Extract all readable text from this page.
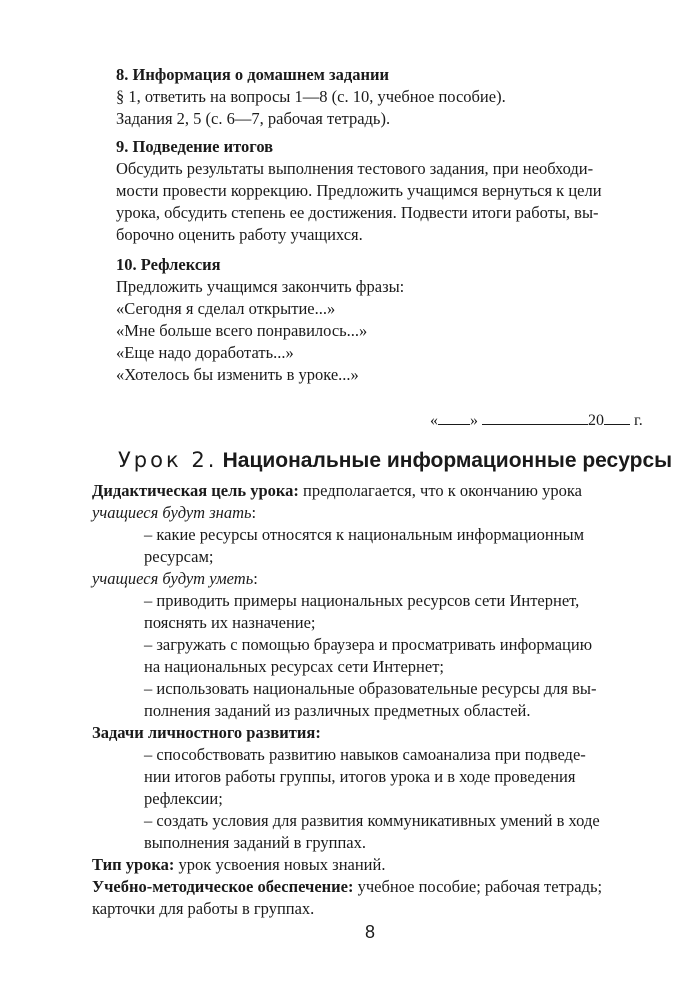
8. Информация о домашнем задании
§ 1, ответить на вопросы 1—8 (с. 10, учебное пособие).
Задания 2, 5 (с. 6—7, рабочая тетрадь).
9. Подведение итогов
Обсудить результаты выполнения тестового задания, при необходи-
мости провести коррекцию. Предложить учащимся вернуться к цели
урока, обсудить степень ее достижения. Подвести итоги работы, вы-
борочно оценить работу учащихся.
10. Рефлексия
Предложить учащимся закончить фразы:
«Сегодня я сделал открытие...»
«Мне больше всего понравилось...»
«Еще надо доработать...»
«Хотелось бы изменить в уроке...»
« »	20 г.
Урок 2. Национальные информационные ресурсы
Дидактическая цель урока: предполагается, что к окончанию урока
учащиеся будут знать:
– какие ресурсы относятся к национальным информационным
ресурсам;
учащиеся будут уметь:
– приводить примеры национальных ресурсов сети Интернет,
пояснять их назначение;
– загружать с помощью браузера и просматривать информацию
на национальных ресурсах сети Интернет;
– использовать национальные образовательные ресурсы для вы-
полнения заданий из различных предметных областей.
Задачи личностного развития:
– способствовать развитию навыков самоанализа при подведе-
нии итогов работы группы, итогов урока и в ходе проведения
рефлексии;
– создать условия для развития коммуникативных умений в ходе
выполнения заданий в группах.
Тип урока: урок усвоения новых знаний.
Учебно-методическое обеспечение: учебное пособие; рабочая тетрадь;
карточки для работы в группах.
8
